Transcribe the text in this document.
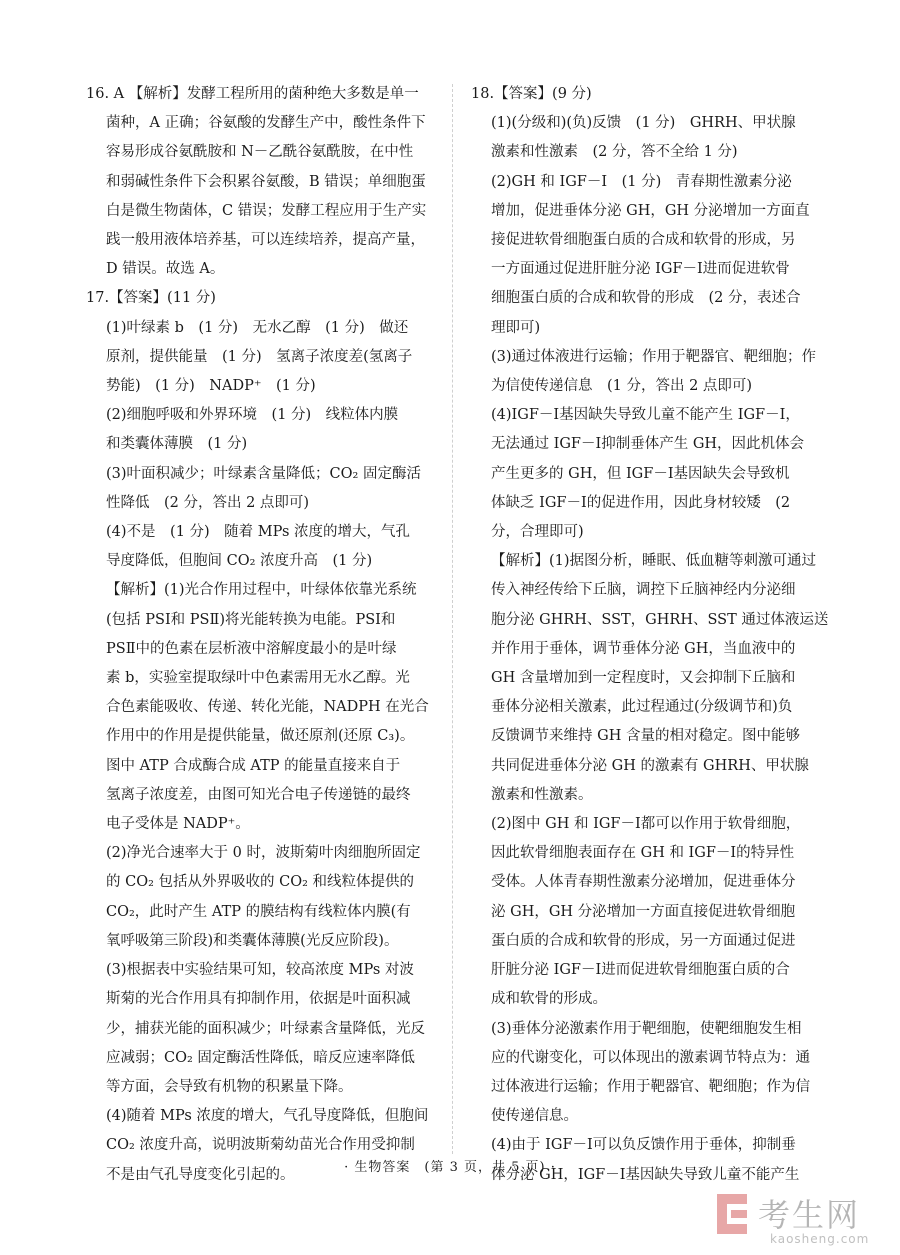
16. A 【解析】发酵工程所用的菌种绝大多数是单一
菌种，A 正确；谷氨酸的发酵生产中，酸性条件下
容易形成谷氨酰胺和 N－乙酰谷氨酰胺，在中性
和弱碱性条件下会积累谷氨酸，B 错误；单细胞蛋
白是微生物菌体，C 错误；发酵工程应用于生产实
践一般用液体培养基，可以连续培养，提高产量，
D 错误。故选 A。
17.【答案】(11 分)
(1)叶绿素 b　(1 分)　无水乙醇　(1 分)　做还
原剂，提供能量　(1 分)　氢离子浓度差(氢离子
势能)　(1 分)　NADP⁺　(1 分)
(2)细胞呼吸和外界环境　(1 分)　线粒体内膜
和类囊体薄膜　(1 分)
(3)叶面积减少；叶绿素含量降低；CO₂ 固定酶活
性降低　(2 分，答出 2 点即可)
(4)不是　(1 分)　随着 MPs 浓度的增大，气孔
导度降低，但胞间 CO₂ 浓度升高　(1 分)
【解析】(1)光合作用过程中，叶绿体依靠光系统
(包括 PSⅠ和 PSⅡ)将光能转换为电能。PSⅠ和
PSⅡ中的色素在层析液中溶解度最小的是叶绿
素 b，实验室提取绿叶中色素需用无水乙醇。光
合色素能吸收、传递、转化光能，NADPH 在光合
作用中的作用是提供能量，做还原剂(还原 C₃)。
图中 ATP 合成酶合成 ATP 的能量直接来自于
氢离子浓度差，由图可知光合电子传递链的最终
电子受体是 NADP⁺。
(2)净光合速率大于 0 时，波斯菊叶肉细胞所固定
的 CO₂ 包括从外界吸收的 CO₂ 和线粒体提供的
CO₂，此时产生 ATP 的膜结构有线粒体内膜(有
氧呼吸第三阶段)和类囊体薄膜(光反应阶段)。
(3)根据表中实验结果可知，较高浓度 MPs 对波
斯菊的光合作用具有抑制作用，依据是叶面积减
少，捕获光能的面积减少；叶绿素含量降低，光反
应减弱；CO₂ 固定酶活性降低，暗反应速率降低
等方面，会导致有机物的积累量下降。
(4)随着 MPs 浓度的增大，气孔导度降低，但胞间
CO₂ 浓度升高，说明波斯菊幼苗光合作用受抑制
不是由气孔导度变化引起的。
18.【答案】(9 分)
(1)(分级和)(负)反馈　(1 分)　GHRH、甲状腺
激素和性激素　(2 分，答不全给 1 分)
(2)GH 和 IGF－Ⅰ　(1 分)　青春期性激素分泌
增加，促进垂体分泌 GH，GH 分泌增加一方面直
接促进软骨细胞蛋白质的合成和软骨的形成，另
一方面通过促进肝脏分泌 IGF－Ⅰ进而促进软骨
细胞蛋白质的合成和软骨的形成　(2 分，表述合
理即可)
(3)通过体液进行运输；作用于靶器官、靶细胞；作
为信使传递信息　(1 分，答出 2 点即可)
(4)IGF－Ⅰ基因缺失导致儿童不能产生 IGF－Ⅰ，
无法通过 IGF－Ⅰ抑制垂体产生 GH，因此机体会
产生更多的 GH，但 IGF－Ⅰ基因缺失会导致机
体缺乏 IGF－Ⅰ的促进作用，因此身材较矮　(2
分，合理即可)
【解析】(1)据图分析，睡眠、低血糖等刺激可通过
传入神经传给下丘脑，调控下丘脑神经内分泌细
胞分泌 GHRH、SST，GHRH、SST 通过体液运送
并作用于垂体，调节垂体分泌 GH，当血液中的
GH 含量增加到一定程度时，又会抑制下丘脑和
垂体分泌相关激素，此过程通过(分级调节和)负
反馈调节来维持 GH 含量的相对稳定。图中能够
共同促进垂体分泌 GH 的激素有 GHRH、甲状腺
激素和性激素。
(2)图中 GH 和 IGF－Ⅰ都可以作用于软骨细胞，
因此软骨细胞表面存在 GH 和 IGF－Ⅰ的特异性
受体。人体青春期性激素分泌增加，促进垂体分
泌 GH，GH 分泌增加一方面直接促进软骨细胞
蛋白质的合成和软骨的形成，另一方面通过促进
肝脏分泌 IGF－Ⅰ进而促进软骨细胞蛋白质的合
成和软骨的形成。
(3)垂体分泌激素作用于靶细胞，使靶细胞发生相
应的代谢变化，可以体现出的激素调节特点为：通
过体液进行运输；作用于靶器官、靶细胞；作为信
使传递信息。
(4)由于 IGF－Ⅰ可以负反馈作用于垂体，抑制垂
体分泌 GH，IGF－Ⅰ基因缺失导致儿童不能产生
· 生物答案　(第 3 页，共 5 页) ·
考生网
kaosheng.com
